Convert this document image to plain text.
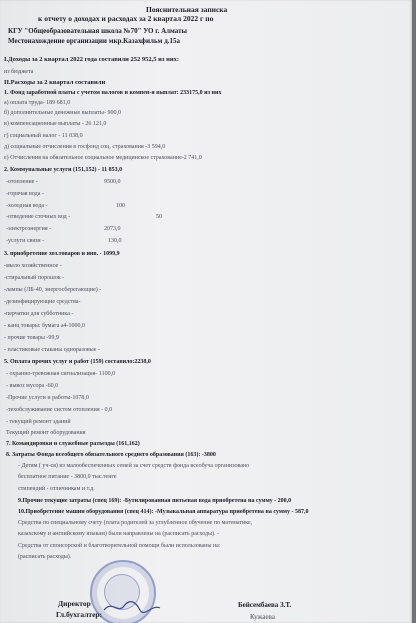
Пояснительная записка
к отчету о доходах и расходах за 2 квартал 2022 г по
КГУ "Общеобразовательная школа №70" УО г. Алматы
Местонахождение организации мкр.Казахфильм д.15а
I.Доходы за 2 квартал 2022 года составили 252 952,5 из них:
из бюджета
II.Расходы за 2 квартал составили
1. Фонд заработной платы с учетом налогов и компен-я выплат: 233175,0 из них
а) оплата труда- 189 681,0
б) дополнительные денежные выплаты- 900,0
в) компенсационные выплаты - 26 121,0
г) социальный налог - 11 038,0
д) социальные отчисления в госфонд соц. страхования -3 594,0
е) Отчисления на обязательное социальное медицинское страхование-2 741,0
2. Коммунальные услуги (151,152) - 11 853,0
-отопление -	9500,0
-горячая вода -
-холодная вода -	100
-отведение сточных вод -	50
-электроэнергия -	2073,0
-услуги связи -	130,0
3. приобретение хоз.товаров и инв. - 1099,9
-мыло хозяйственное -
-стиральный порошок -
-лампы (ЛБ-40, энергосберегающие) -
-дезинфицирующие средства-
-перчатки для субботника -
- канц товары: бумага а4-1000,0
- прочие товары -99,9
- пластиковые стаканы одноразовые -
5. Оплата прочих услуг и работ (159) составило:2238,0
- охранно-тревожная сигнализация- 1100,0
- вывоз мусора -60,0
-Прочие услуги и работы-1078,0
-техобслуживание систем отопления - 0,0
- текущий ремонт зданий
Текущий ремонт оборудования
7. Командировки и служебные разъезды (161,162)
8. Затраты Фонда всеобщего обязательного среднего образования (163): -3800
- Детям ( уч-ся) из малообеспеченных семей за счет средств фонда всеобуча организовано
бесплатное питание - 3800,0 тыс.тенге
стипендий - отличникам и т.д.
9.Прочие текущие затраты (спец 169): -Бутилированная питьевая вода приобретена на сумму - 200,0
10.Приобретение машин оборудования (спец 414): -Музыкальная аппаратура приобретена на сумму - 587,0
Средства по специальному счету (плата родителей за углубленное обучение по математике,
казахскому и английскому языкам) были направлены на (расписать расходы). -
Средства от спонсорской и благотворительной помощи были использованы на:
(расписать расходы).
Директор	Бейсембаева З.Т.
Гл.бухгалтер:	Кужаева
